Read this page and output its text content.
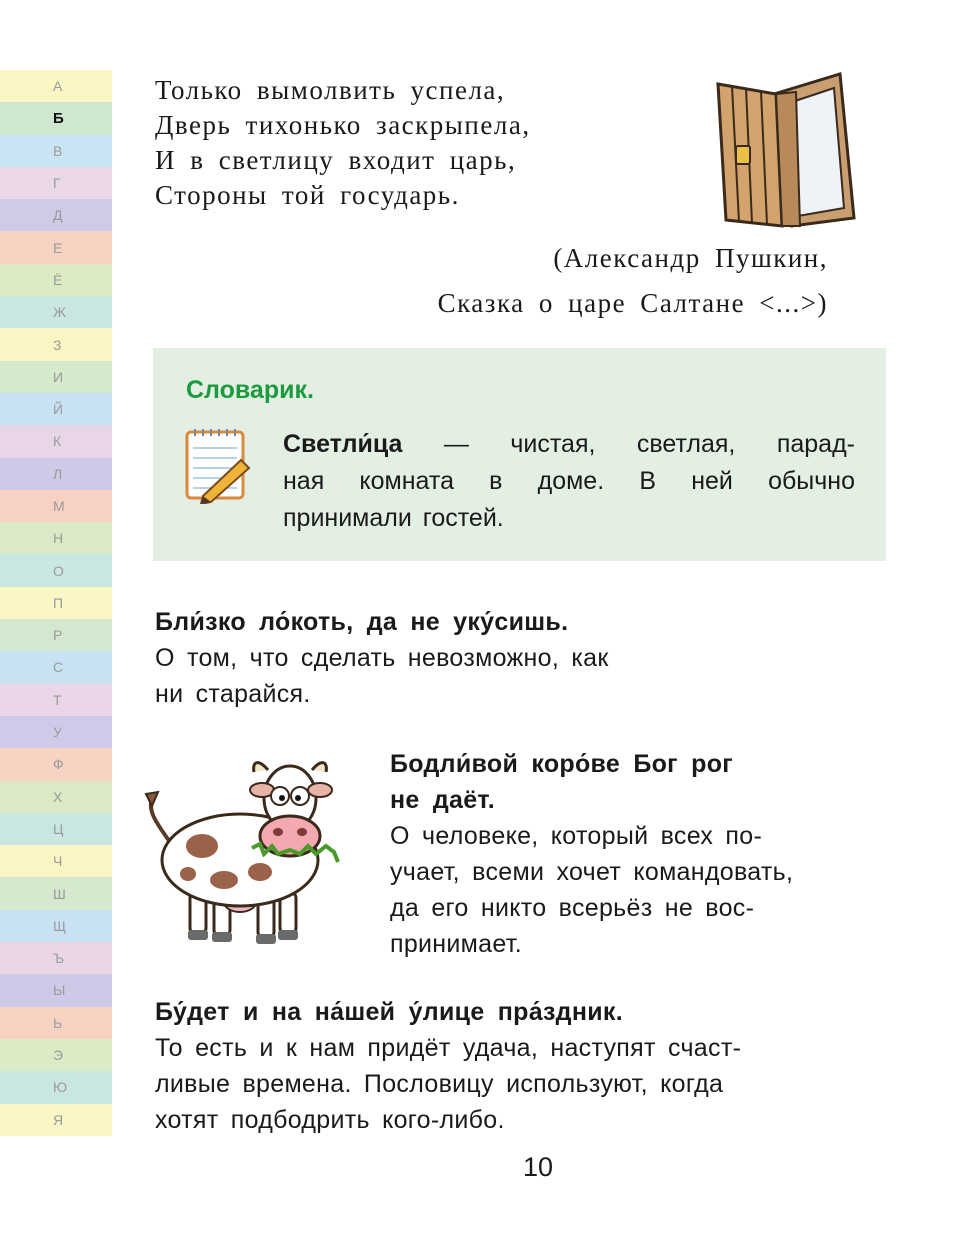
А
Б
В
Г
Д
Е
Ё
Ж
З
И
Й
К
Л
М
Н
О
П
Р
С
Т
У
Ф
Х
Ц
Ч
Ш
Щ
Ъ
Ы
Ь
Э
Ю
Я
Только вымолвить успела,
Дверь тихонько заскрыпела,
И в светлицу входит царь,
Стороны той государь.
(Александр Пушкин,
Сказка о царе Салтане <...>)
Словарик.
Светли́ца — чистая, светлая, парад-
ная комната в доме. В ней обычно
принимали гостей.
Бли́зко ло́коть, да не уку́сишь.
О том, что сделать невозможно, как
ни старайся.
Бодли́вой коро́ве Бог рог
не даёт.
О человеке, который всех по-
учает, всеми хочет командовать,
да его никто всерьёз не вос-
принимает.
Бу́дет и на на́шей у́лице пра́здник.
То есть и к нам придёт удача, наступят счаст-
ливые времена. Пословицу используют, когда
хотят подбодрить кого-либо.
10
